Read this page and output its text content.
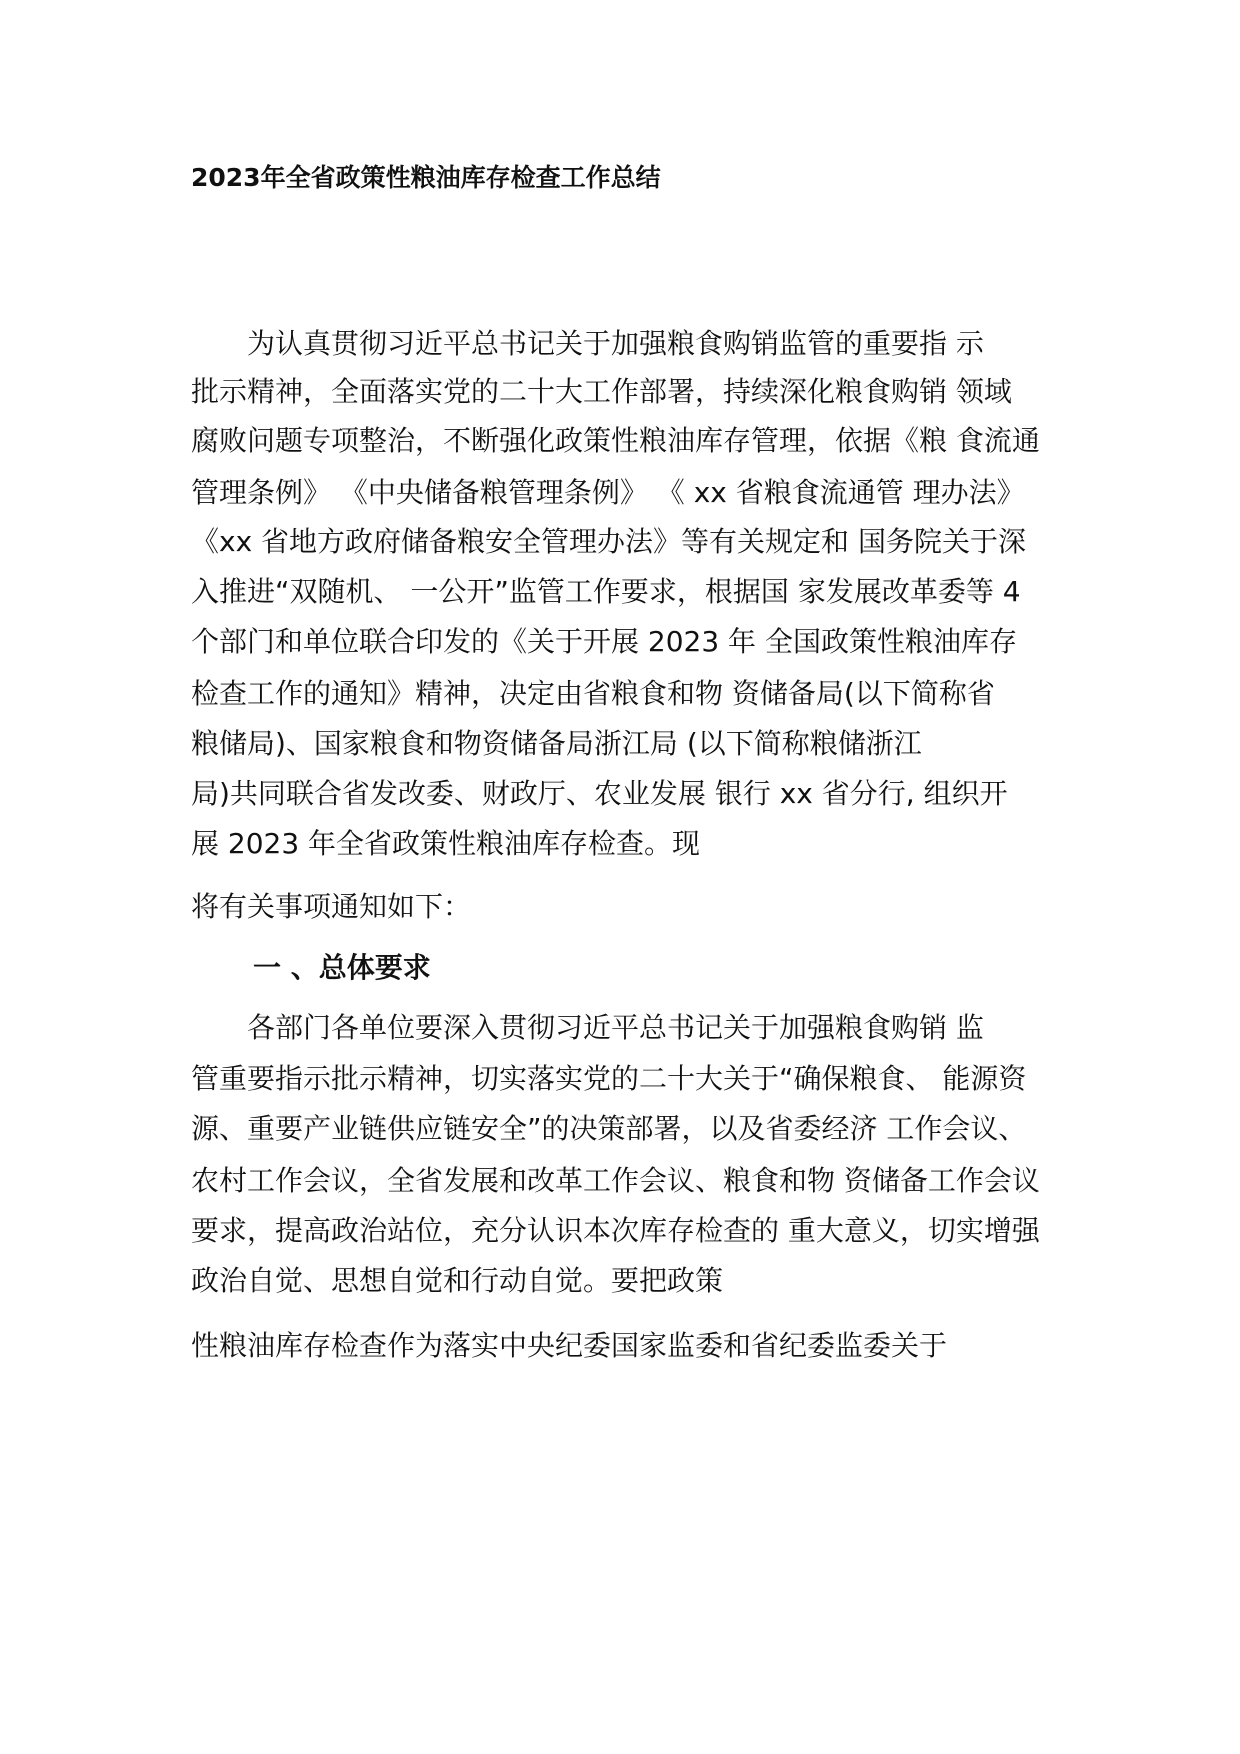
2023年全省政策性粮油库存检查工作总结
为认真贯彻习近平总书记关于加强粮食购销监管的重要指 示
批示精神，全面落实党的二十大工作部署，持续深化粮食购销 领域
腐败问题专项整治，不断强化政策性粮油库存管理，依据《粮 食流通
管理条例》 《中央储备粮管理条例》 《 xx 省粮食流通管 理办法》
《xx 省地方政府储备粮安全管理办法》等有关规定和 国务院关于深
入推进“双随机、 一公开”监管工作要求，根据国 家发展改革委等 4
个部门和单位联合印发的《关于开展 2023 年 全国政策性粮油库存
检查工作的通知》精神，决定由省粮食和物 资储备局(以下简称省
粮储局)、国家粮食和物资储备局浙江局 (以下简称粮储浙江
局)共同联合省发改委、财政厅、农业发展 银行 xx 省分行, 组织开
展 2023 年全省政策性粮油库存检查。现
将有关事项通知如下：
一 、总体要求
各部门各单位要深入贯彻习近平总书记关于加强粮食购销 监
管重要指示批示精神，切实落实党的二十大关于“确保粮食、 能源资
源、重要产业链供应链安全”的决策部署，以及省委经济 工作会议、
农村工作会议，全省发展和改革工作会议、粮食和物 资储备工作会议
要求，提高政治站位，充分认识本次库存检查的 重大意义，切实增强
政治自觉、思想自觉和行动自觉。要把政策
性粮油库存检查作为落实中央纪委国家监委和省纪委监委关于
